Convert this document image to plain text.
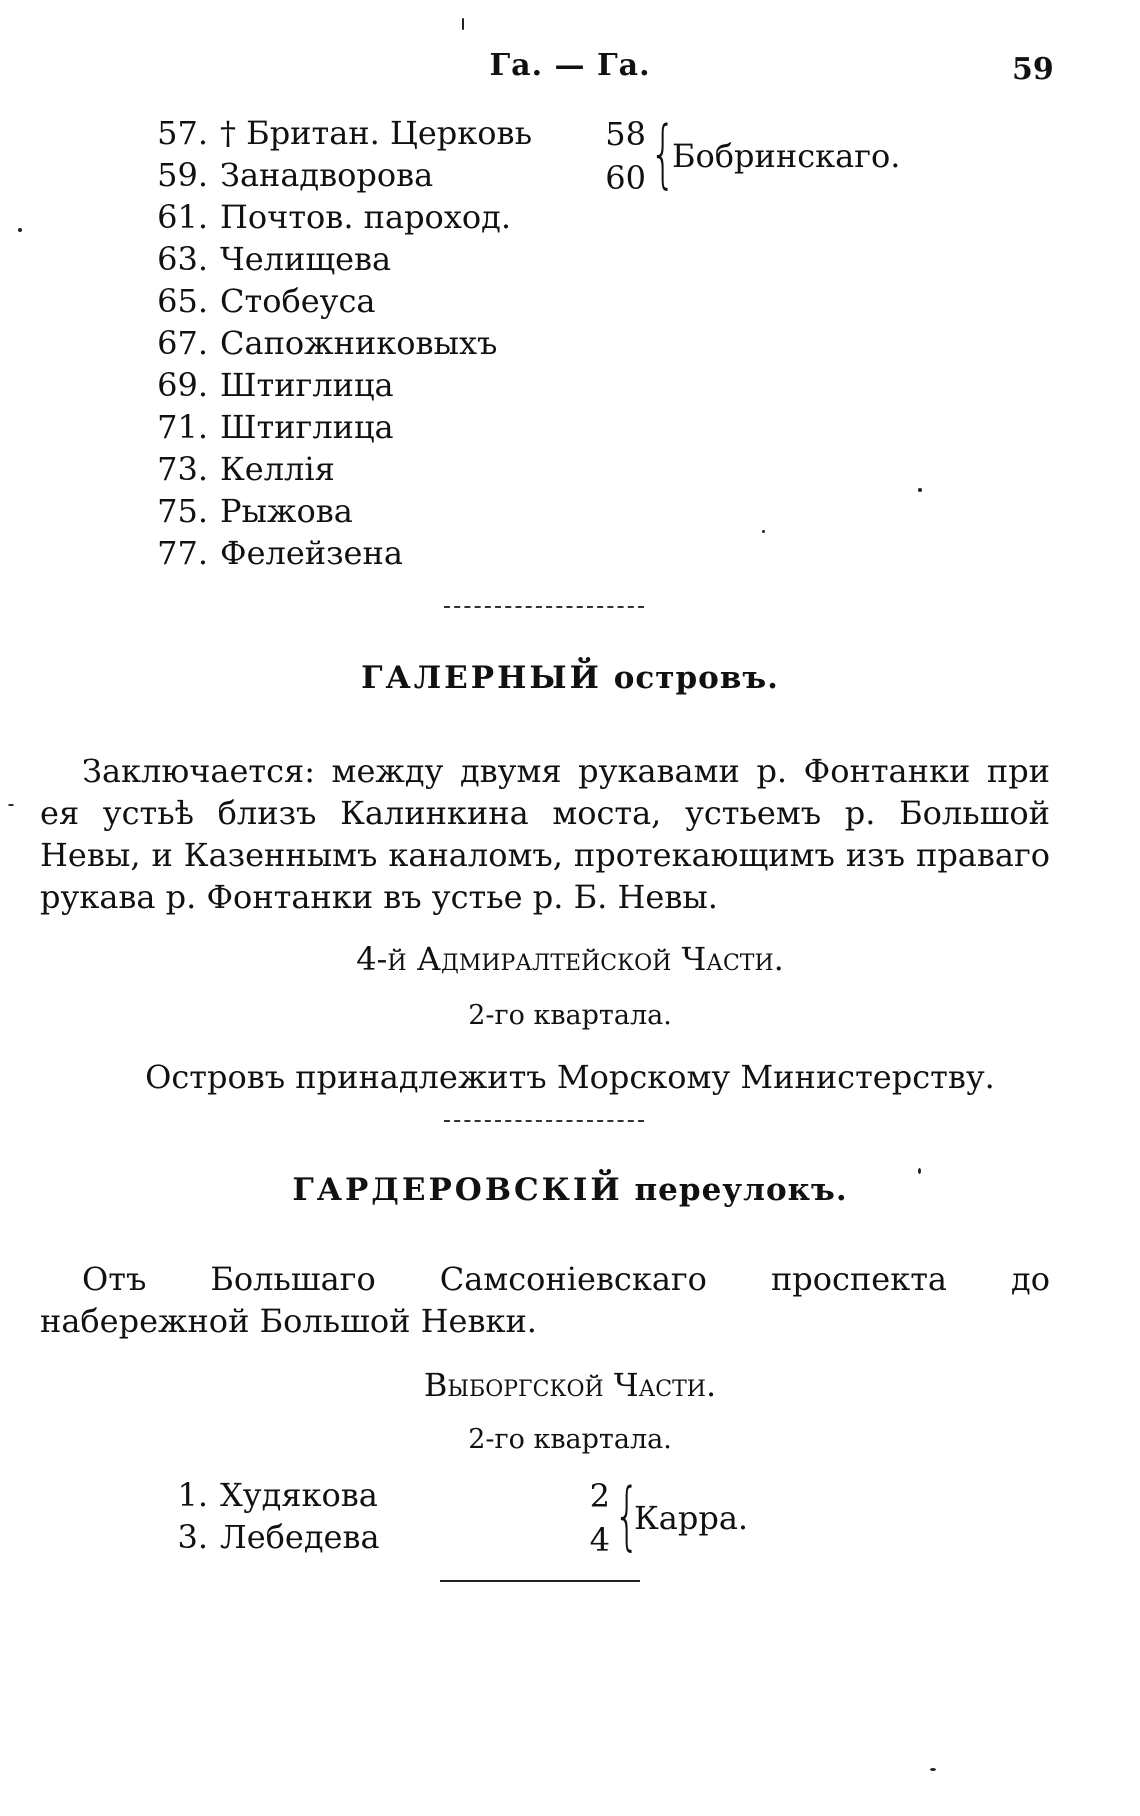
Га. — Га.	59
57. † Британ. Церковь
59. Занадворова
61. Почтов. пароход.
63. Челищева
65. Стобеуса
67. Сапожниковыхъ
69. Штиглица
71. Штиглица
73. Келлія
75. Рыжова
77. Фелейзена
58
60 {
Бобринскаго.
ГАЛЕРНЫЙ островъ.
Заключается: между двумя рукавами р. Фонтанки при ея устьѣ близъ Калинкина моста, устьемъ р. Большой Невы, и Казеннымъ каналомъ, протекающимъ изъ праваго рукава р. Фонтанки въ устье р. Б. Невы.
4-й Адмиралтейской Части.
2-го квартала.
Островъ принадлежитъ Морскому Министерству.
ГАРДЕРОВСКІЙ переулокъ.
Отъ Большаго Самсоніевскаго проспекта до набережной Большой Невки.
Выборгской Части.
2-го квартала.
1. Худякова
3. Лебедева
2
4 {
Карра.
